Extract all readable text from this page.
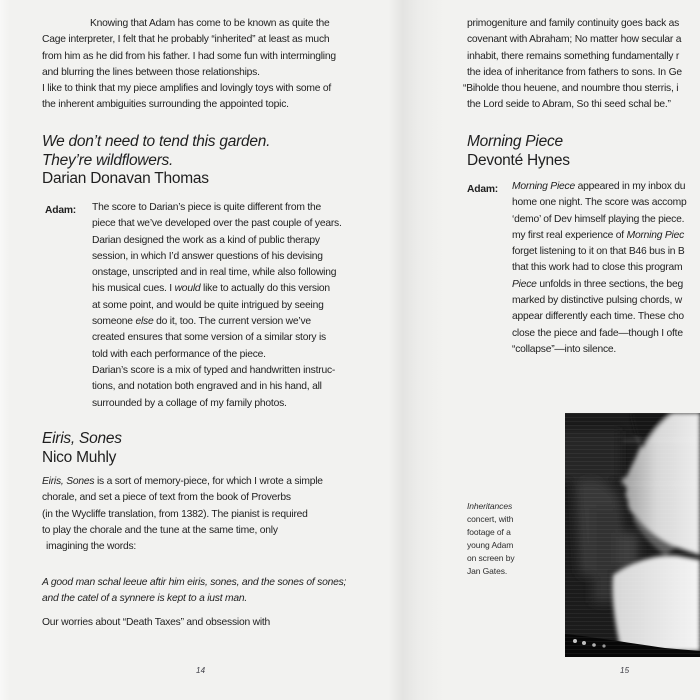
Knowing that Adam has come to be known as quite the
Cage interpreter, I felt that he probably “inherited” at least as much
from him as he did from his father. I had some fun with intermingling
and blurring the lines between those relationships.
I like to think that my piece amplifies and lovingly toys with some of
the inherent ambiguities surrounding the appointed topic.
We don’t need to tend this garden.
They’re wildflowers.
Darian Donavan Thomas
Adam: The score to Darian’s piece is quite different from the
piece that we’ve developed over the past couple of years.
Darian designed the work as a kind of public therapy
session, in which I’d answer questions of his devising
onstage, unscripted and in real time, while also following
his musical cues. I would like to actually do this version
at some point, and would be quite intrigued by seeing
someone else do it, too. The current version we’ve
created ensures that some version of a similar story is
told with each performance of the piece.
Darian’s score is a mix of typed and handwritten instruc-
tions, and notation both engraved and in his hand, all
surrounded by a collage of my family photos.
Eiris, Sones
Nico Muhly
Eiris, Sones is a sort of memory-piece, for which I wrote a simple
chorale, and set a piece of text from the book of Proverbs
(in the Wycliffe translation, from 1382). The pianist is required
to play the chorale and the tune at the same time, only
imagining the words:
A good man schal leeue aftir him eiris, sones, and the sones of sones;
and the catel of a synnere is kept to a iust man.
Our worries about “Death Taxes” and obsession with
14
primogeniture and family continuity goes back as
covenant with Abraham; No matter how secular a
inhabit, there remains something fundamentally r
the idea of inheritance from fathers to sons. In Ge
“Biholde thou heuene, and noumbre thou sterris, i
the Lord seide to Abram, So thi seed schal be.”
Morning Piece
Devonté Hynes
Adam: Morning Piece appeared in my inbox du
home one night. The score was accomp
‘demo’ of Dev himself playing the piece.
my first real experience of Morning Piec
forget listening to it on that B46 bus in B
that this work had to close this program
Piece unfolds in three sections, the beg
marked by distinctive pulsing chords, w
appear differently each time. These cho
close the piece and fade—though I ofte
“collapse”—into silence.
Inheritances
concert, with
footage of a
young Adam
on screen by
Jan Gates.
15
